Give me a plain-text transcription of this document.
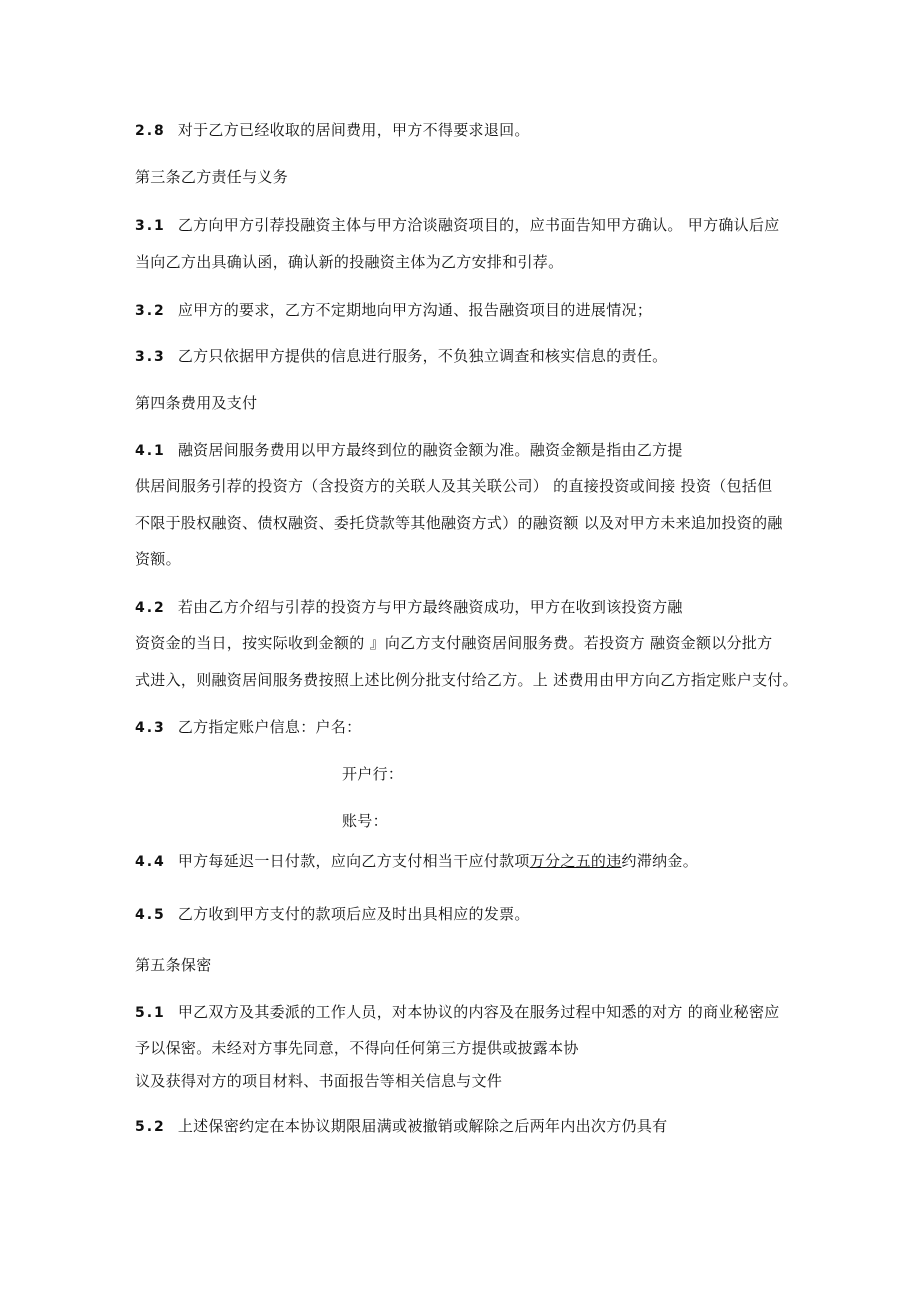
2.8 对于乙方已经收取的居间费用，甲方不得要求退回。
第三条乙方责任与义务
3.1 乙方向甲方引荐投融资主体与甲方洽谈融资项目的，应书面告知甲方确认。 甲方确认后应
当向乙方出具确认函，确认新的投融资主体为乙方安排和引荐。
3.2 应甲方的要求，乙方不定期地向甲方沟通、报告融资项目的进展情况；
3.3 乙方只依据甲方提供的信息进行服务，不负独立调查和核实信息的责任。
第四条费用及支付
4.1 融资居间服务费用以甲方最终到位的融资金额为准。融资金额是指由乙方提
供居间服务引荐的投资方（含投资方的关联人及其关联公司） 的直接投资或间接 投资（包括但
不限于股权融资、债权融资、委托贷款等其他融资方式）的融资额 以及对甲方未来追加投资的融
资额。
4.2 若由乙方介绍与引荐的投资方与甲方最终融资成功，甲方在收到该投资方融
资资金的当日，按实际收到金额的 』向乙方支付融资居间服务费。若投资方 融资金额以分批方
式进入，则融资居间服务费按照上述比例分批支付给乙方。上 述费用由甲方向乙方指定账户支付。
4.3 乙方指定账户信息：户名：
开户行：
账号：
4.4 甲方每延迟一日付款，应向乙方支付相当干应付款项万分之五的违约滞纳金。
4.5 乙方收到甲方支付的款项后应及时出具相应的发票。
第五条保密
5.1 甲乙双方及其委派的工作人员，对本协议的内容及在服务过程中知悉的对方 的商业秘密应
予以保密。未经对方事先同意，不得向任何第三方提供或披露本协
议及获得对方的项目材料、书面报告等相关信息与文件
5.2 上述保密约定在本协议期限届满或被撤销或解除之后两年内出次方仍具有
